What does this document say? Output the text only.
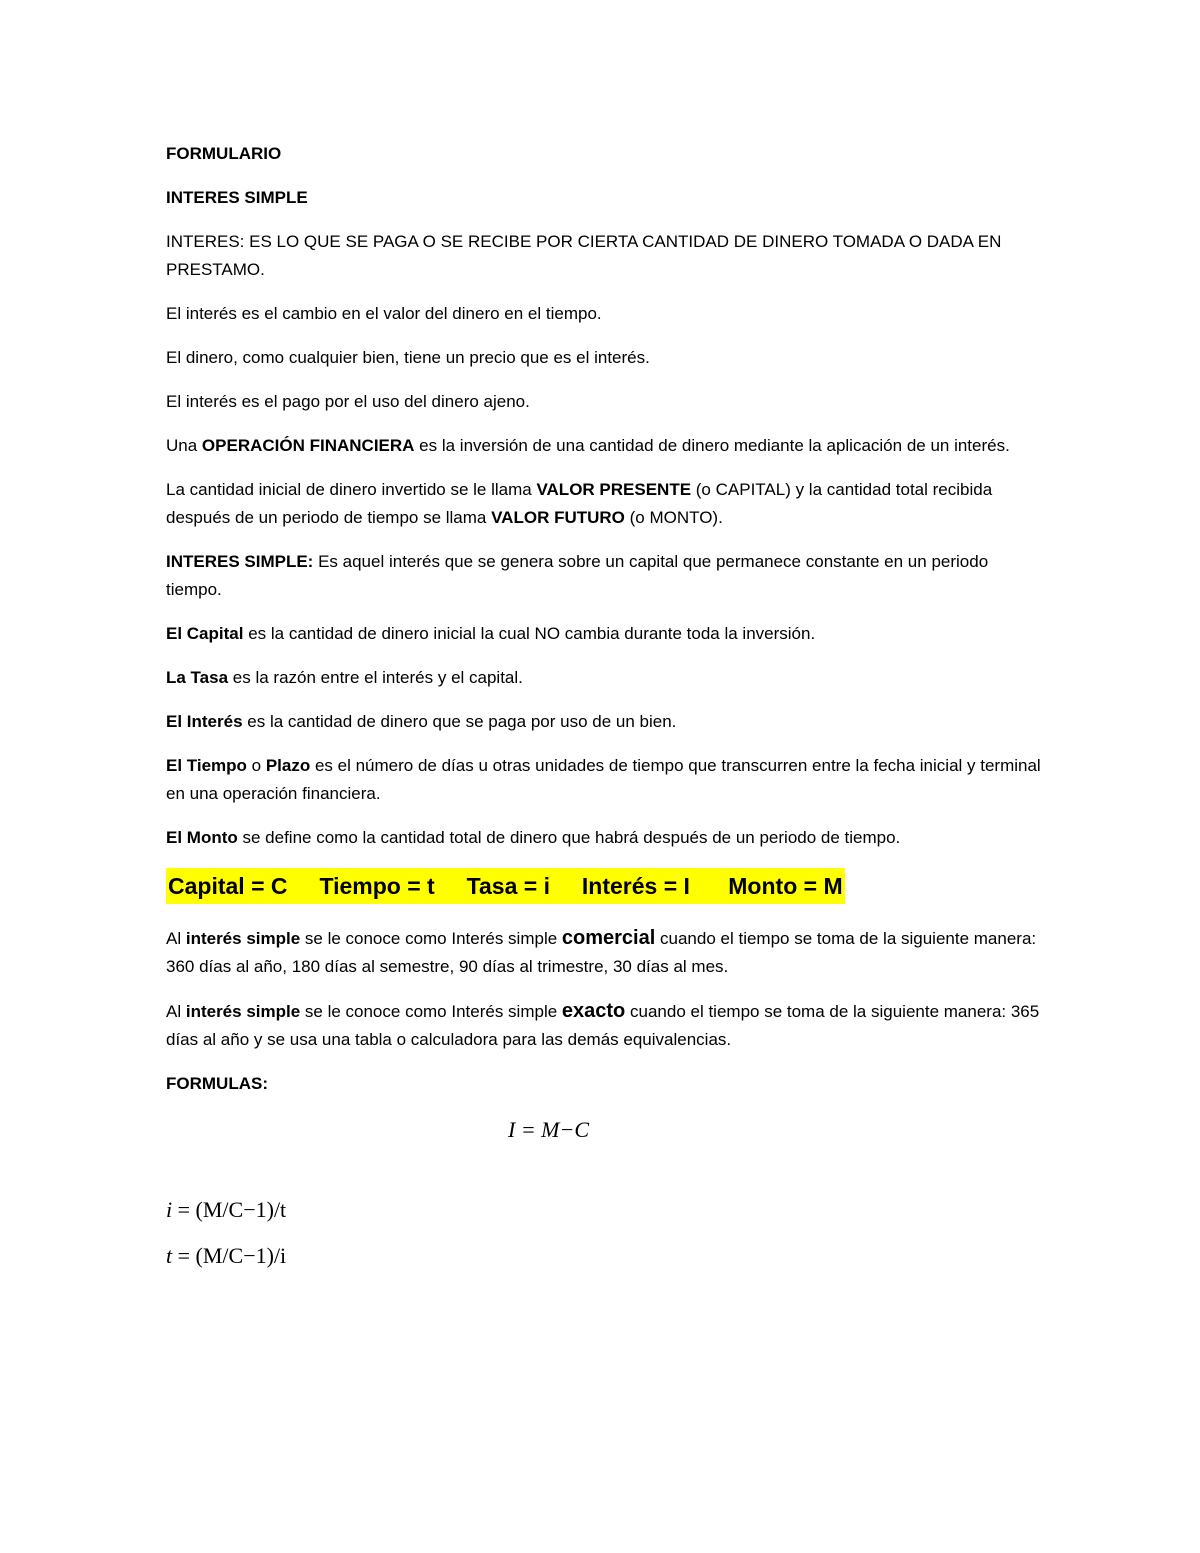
FORMULARIO

INTERES SIMPLE

INTERES: ES LO QUE SE PAGA O SE RECIBE POR CIERTA CANTIDAD DE DINERO TOMADA O DADA EN PRESTAMO.

El interés es el cambio en el valor del dinero en el tiempo.

El dinero, como cualquier bien, tiene un precio que es el interés.

El interés es el pago por el uso del dinero ajeno.

Una OPERACIÓN FINANCIERA es la inversión de una cantidad de dinero mediante la aplicación de un interés.

La cantidad inicial de dinero invertido se le llama VALOR PRESENTE (o CAPITAL) y la cantidad total recibida después de un periodo de tiempo se llama VALOR FUTURO (o MONTO).

INTERES SIMPLE: Es aquel interés que se genera sobre un capital que permanece constante en un periodo tiempo.

El Capital es la cantidad de dinero inicial la cual NO cambia durante toda la inversión.

La Tasa es la razón entre el interés y el capital.

El Interés es la cantidad de dinero que se paga por uso de un bien.

El Tiempo o Plazo es el número de días u otras unidades de tiempo que transcurren entre la fecha inicial y terminal en una operación financiera.

El Monto se define como la cantidad total de dinero que habrá después de un periodo de tiempo.

Capital = C     Tiempo = t     Tasa = i     Interés = I      Monto = M

Al interés simple se le conoce como Interés simple comercial cuando el tiempo se toma de la siguiente manera: 360 días al año, 180 días al semestre, 90 días al trimestre, 30 días al mes.

Al interés simple se le conoce como Interés simple exacto cuando el tiempo se toma de la siguiente manera: 365 días al año y se usa una tabla o calculadora para las demás equivalencias.

FORMULAS:

I = M−C
i = (M/C−1)/t
t = (M/C−1)/i
